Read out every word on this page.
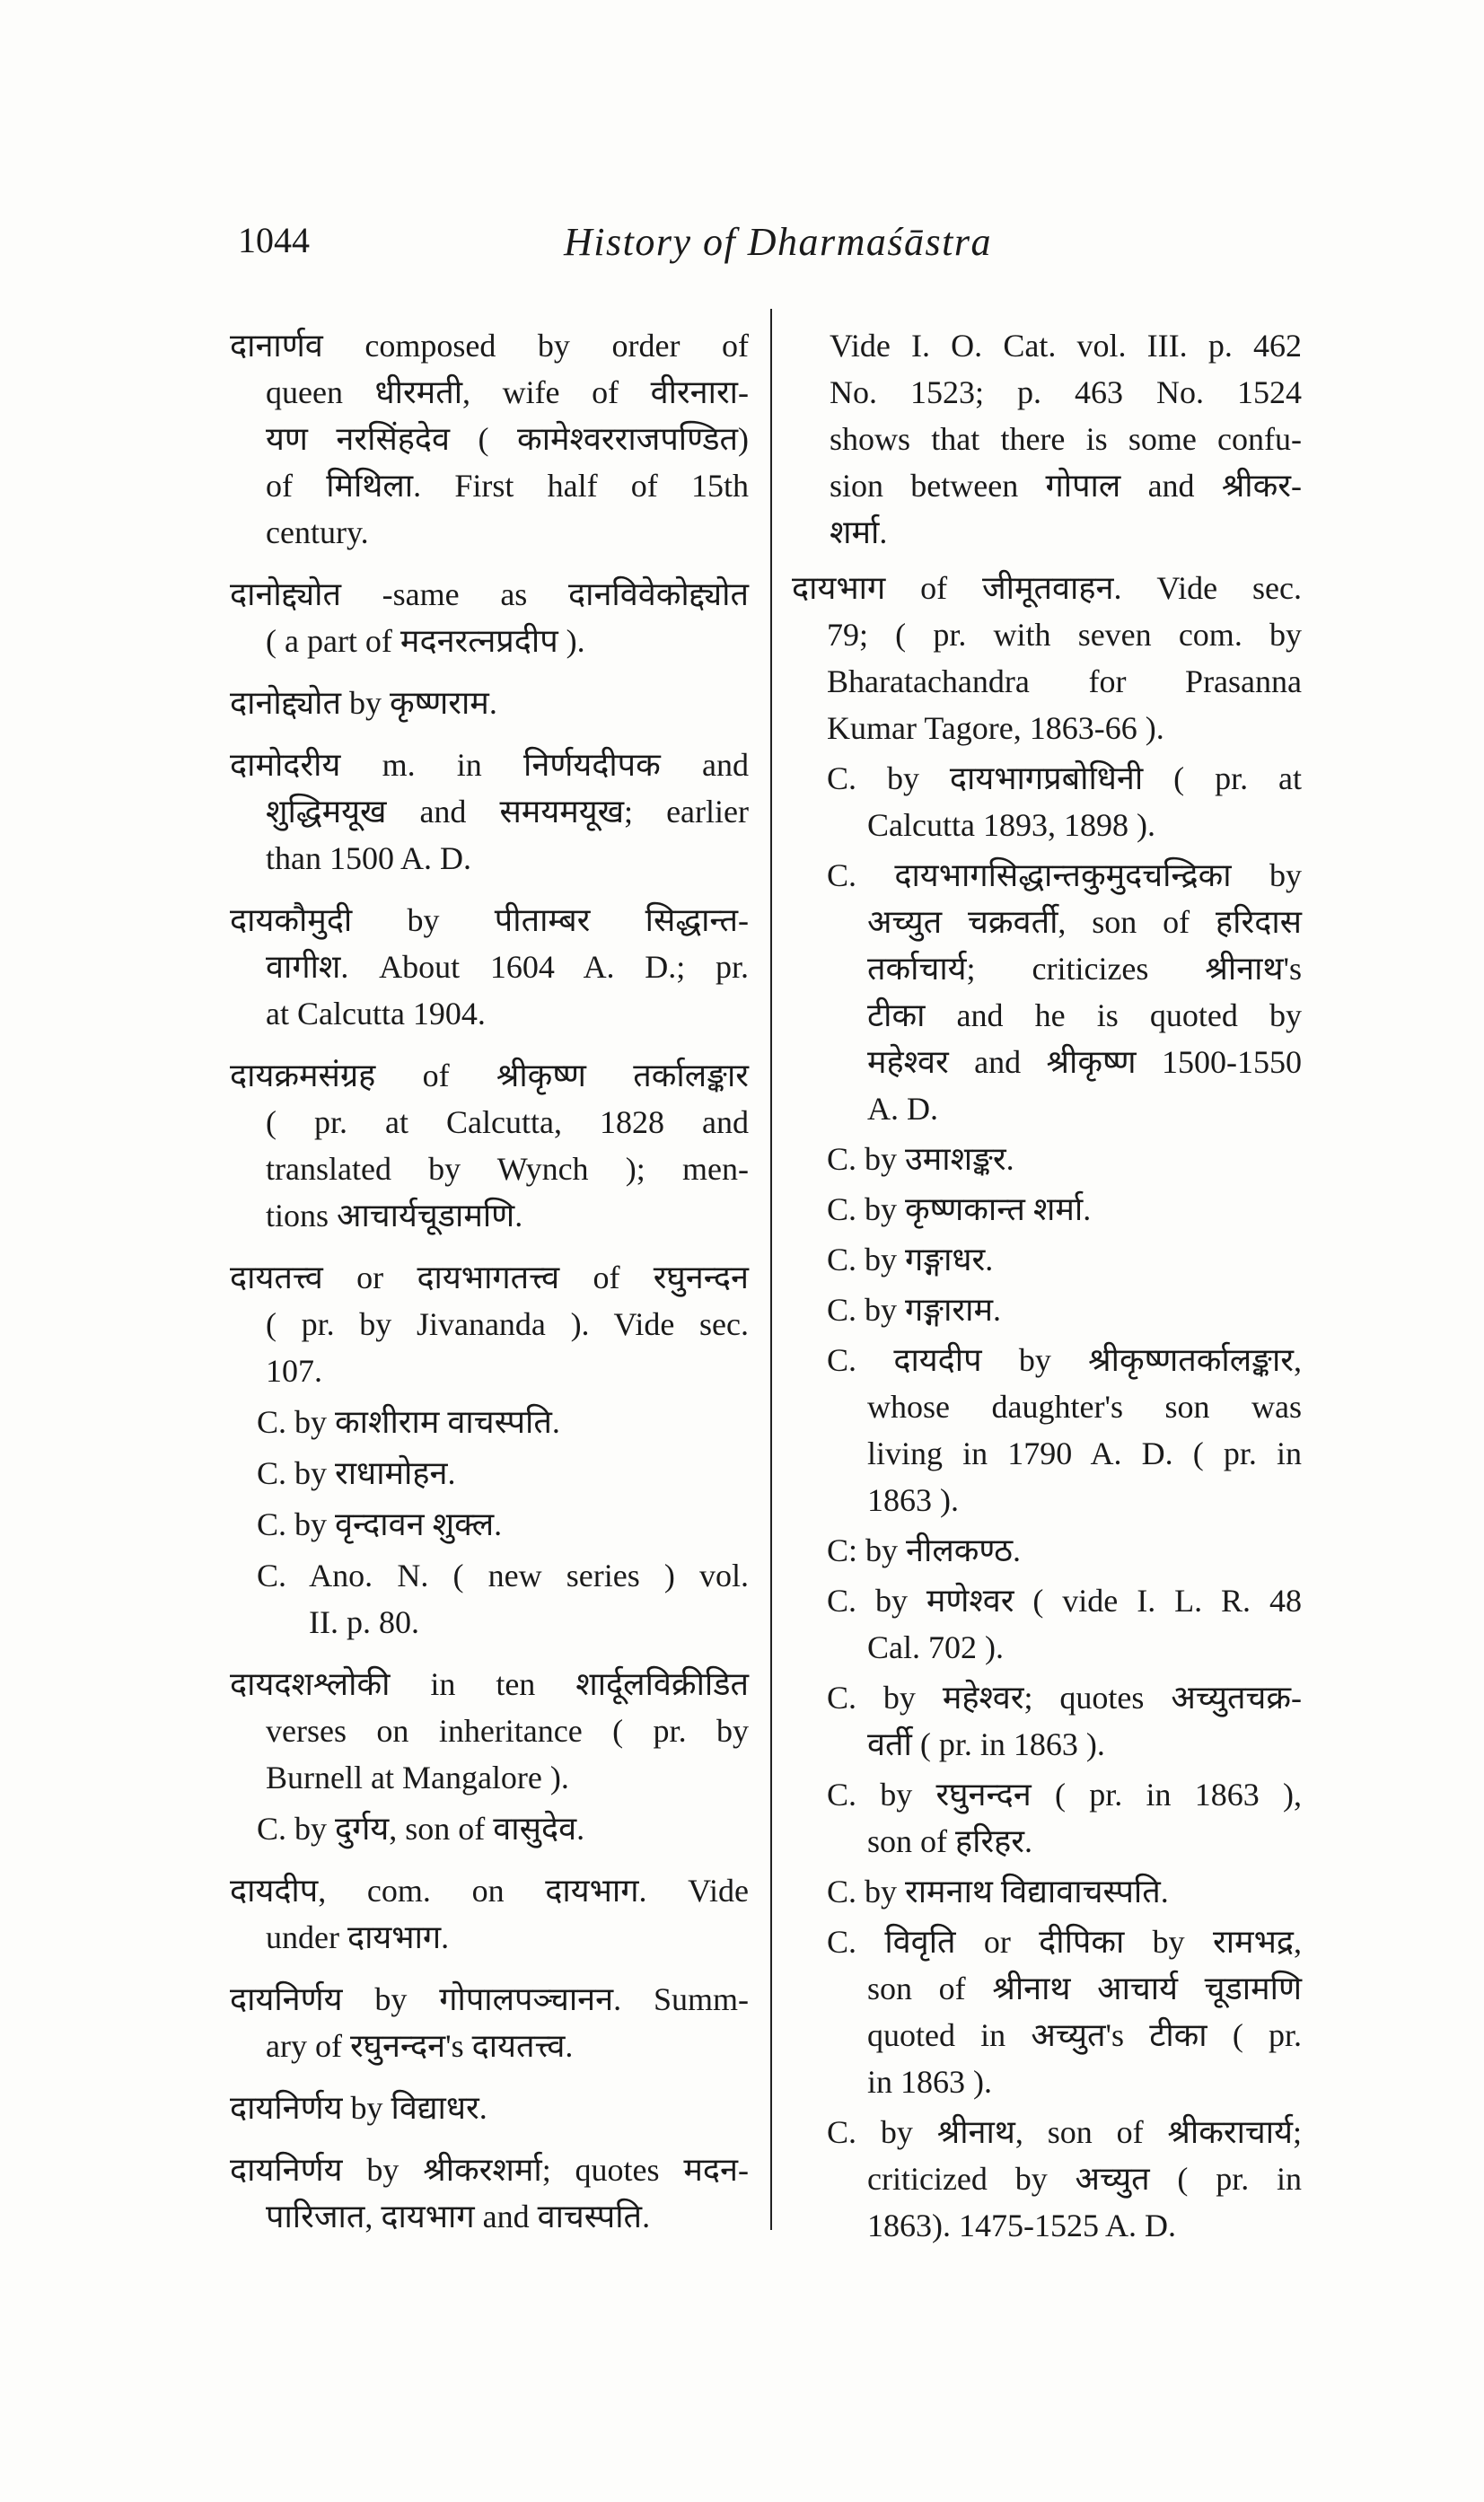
1044	History of Dharmaśāstra
दानार्णव composed by order of
queen धीरमती, wife of वीरनारा-
यण नरसिंहदेव ( कामेश्वरराजपण्डित)
of मिथिला. First half of 15th
century.
दानोद्द्योत -same as दानविवेकोद्द्योत
( a part of मदनरत्नप्रदीप ).
दानोद्द्योत by कृष्णराम.
दामोदरीय m. in निर्णयदीपक and
शुद्धिमयूख and समयमयूख; earlier
than 1500 A. D.
दायकौमुदी by पीताम्बर सिद्धान्त-
वागीश. About 1604 A. D.; pr.
at Calcutta 1904.
दायक्रमसंग्रह of श्रीकृष्ण तर्कालङ्कार
( pr. at Calcutta, 1828 and
translated by Wynch ); men-
tions आचार्यचूडामणि.
दायतत्त्व or दायभागतत्त्व of रघुनन्दन
( pr. by Jivananda ). Vide sec.
107.
C. by काशीराम वाचस्पति.
C. by राधामोहन.
C. by वृन्दावन शुक्ल.
C. Ano. N. ( new series ) vol.
II. p. 80.
दायदशश्लोकी in ten शार्दूलविक्रीडित
verses on inheritance ( pr. by
Burnell at Mangalore ).
C. by दुर्गय, son of वासुदेव.
दायदीप, com. on दायभाग. Vide
under दायभाग.
दायनिर्णय by गोपालपञ्चानन. Summ-
ary of रघुनन्दन's दायतत्त्व.
दायनिर्णय by विद्याधर.
दायनिर्णय by श्रीकरशर्मा; quotes मदन-
पारिजात, दायभाग and वाचस्पति.
Vide I. O. Cat. vol. III. p. 462
No. 1523; p. 463 No. 1524
shows that there is some confu-
sion between गोपाल and श्रीकर-
शर्मा.
दायभाग of जीमूतवाहन. Vide sec.
79; ( pr. with seven com. by
Bharatachandra for Prasanna
Kumar Tagore, 1863-66 ).
C. by दायभागप्रबोधिनी ( pr. at
Calcutta 1893, 1898 ).
C. दायभागसिद्धान्तकुमुदचन्द्रिका by
अच्युत चक्रवर्ती, son of हरिदास
तर्काचार्य; criticizes श्रीनाथ's
टीका and he is quoted by
महेश्वर and श्रीकृष्ण 1500-1550
A. D.
C. by उमाशङ्कर.
C. by कृष्णकान्त शर्मा.
C. by गङ्गाधर.
C. by गङ्गाराम.
C. दायदीप by श्रीकृष्णतर्कालङ्कार,
whose daughter's son was
living in 1790 A. D. ( pr. in
1863 ).
C: by नीलकण्ठ.
C. by मणेश्वर ( vide I. L. R. 48
Cal. 702 ).
C. by महेश्वर; quotes अच्युतचक्र-
वर्ती ( pr. in 1863 ).
C. by रघुनन्दन ( pr. in 1863 ),
son of हरिहर.
C. by रामनाथ विद्यावाचस्पति.
C. विवृति or दीपिका by रामभद्र,
son of श्रीनाथ आचार्य चूडामणि
quoted in अच्युत's टीका ( pr.
in 1863 ).
C. by श्रीनाथ, son of श्रीकराचार्य;
criticized by अच्युत ( pr. in
1863). 1475-1525 A. D.
